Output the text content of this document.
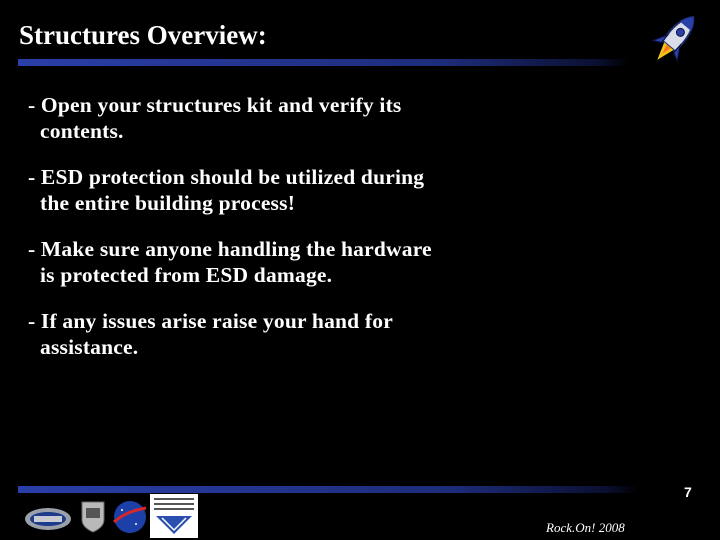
Structures Overview:
- Open your structures kit and verify its contents.
- ESD protection should be utilized during the entire building process!
- Make sure anyone handling the hardware is protected from ESD damage.
- If any issues arise raise your hand for assistance.
7
Rock.On! 2008
